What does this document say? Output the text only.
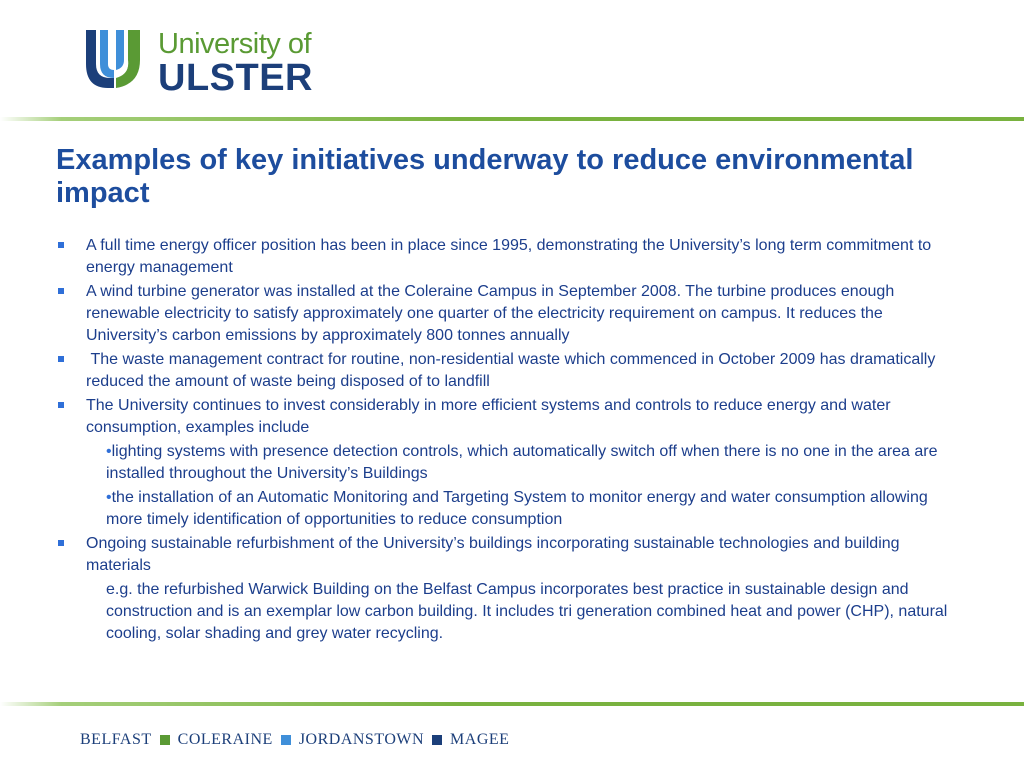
University of
ULSTER
Examples of key initiatives underway to reduce environmental impact
A full time energy officer position has been in place since 1995, demonstrating the University’s long term commitment to energy management
A wind turbine generator was installed at the Coleraine Campus in September 2008. The turbine produces enough renewable electricity to satisfy approximately one quarter of the electricity requirement on campus. It reduces the University’s carbon emissions by approximately 800 tonnes annually
The waste management contract for routine, non-residential waste which commenced in October 2009 has dramatically reduced the amount of waste being disposed of to landfill
The University continues to invest considerably in more efficient systems and controls to reduce energy and water consumption, examples include
•lighting systems with presence detection controls, which automatically switch off when there is no one in the area are installed throughout the University’s Buildings
•the installation of an Automatic Monitoring and Targeting System to monitor energy and water consumption allowing more timely identification of opportunities to reduce consumption
Ongoing sustainable refurbishment of the University’s buildings incorporating sustainable technologies and building materials
e.g. the refurbished Warwick Building on the Belfast Campus incorporates best practice in sustainable design and construction and is an exemplar low carbon building. It includes tri generation combined heat and power (CHP), natural cooling, solar shading and grey water recycling.
BELFAST COLERAINE JORDANSTOWN MAGEE
